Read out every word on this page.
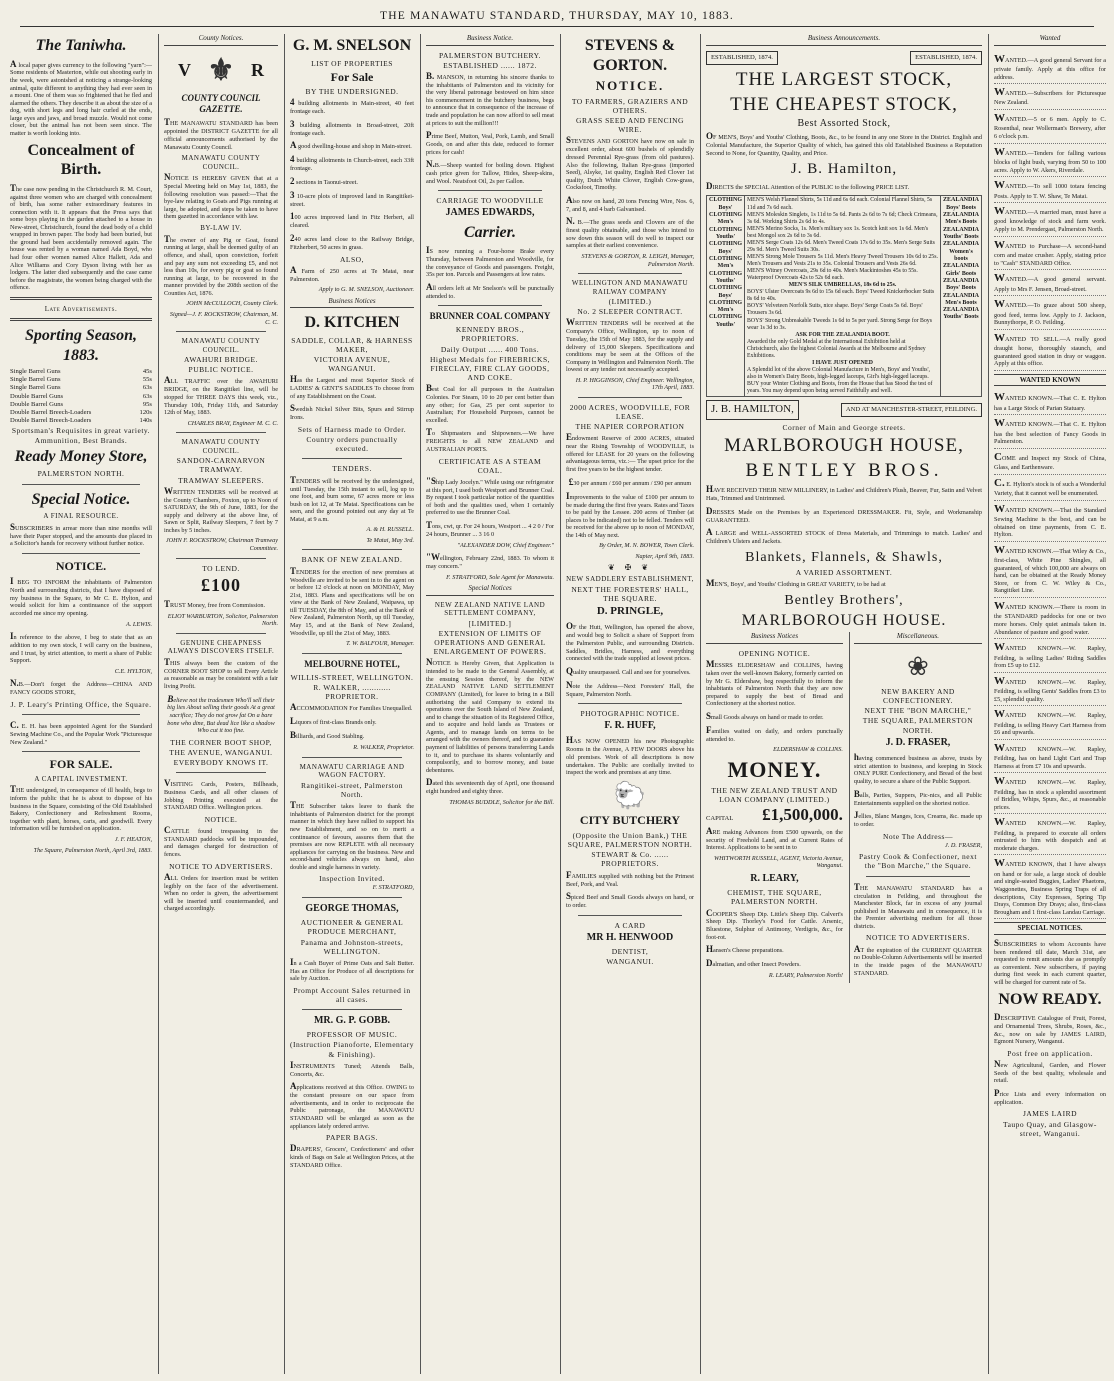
THE MANAWATU STANDARD, THURSDAY, MAY 10, 1883.
The Taniwha.

A local paper gives currency to the following "yarn":—Some residents of Masterton, while out shooting early in the week, were astonished at noticing a strange-looking animal, quite different to anything they had ever seen in a mount. One of them was so frightened that he fled and alarmed the others. They describe it as about the size of a dog, with short legs and long hair curled at the ends, large eyes and jaws, and broad muzzle. Would not come closer, but the animal has not been seen since. The matter is worth looking into.

Concealment of Birth.

The case now pending in the Christchurch R. M. Court, against three women who are charged with concealment of birth, has some rather extraordinary features in connection with it. It appears that the Press says that some boys playing in the garden attached to a house in New-street, Christchurch, found the dead body of a child wrapped in brown paper. The body had been buried, but the ground had been accidentally removed again. The house was rented by a woman named Ada Boyd, who had four other women named Alice Hallett, Ada and Alice Williams and Cory Dyson living with her as lodgers. The latter died subsequently and the case came before the magistrate, the women being charged with the offence.

Late Advertisements.
Sporting Season, 1883.
Single Barrel Guns	45s
Single Barrel Guns	55s
Single Barrel Guns	63s
Double Barrel Guns	63s
Double Barrel Guns	95s
Double Barrel Breech-Loaders	120s
Double Barrel Breech-Loaders	140s
Sportsman's Requisites in great variety.
Ammunition, Best Brands.
Ready Money Store,
PALMERSTON NORTH.
Special Notice.
A FINAL RESOURCE.

SUBSCRIBERS in arrear more than nine months will have their Paper stopped, and the amounts due placed in a Solicitor's hands for recovery without further notice.

NOTICE.

I BEG TO INFORM the inhabitants of Palmerston North and surrounding districts, that I have disposed of my business in the Square, to Mr C. E. Hylton, and would solicit for him a continuance of the support accorded me since my opening.

A. LEWIS.

In reference to the above, I beg to state that as an addition to my own stock, I will carry on the business, and I trust, by strict attention, to merit a share of Public Support.

C.E. HYLTON,

N.B.—Don't forget the Address—CHINA AND FANCY GOODS STORE,

J. P. Leary's Printing Office, the Square.

C. E. H. has been appointed Agent for the Standard Sewing Machine Co., and the Popular Work "Picturesque New Zealand."

FOR SALE.
A CAPITAL INVESTMENT.

THE undersigned, in consequence of ill health, begs to inform the public that he is about to dispose of his business in the Square, consisting of the Old Established Bakery, Confectionery and Refreshment Rooms, together with plant, horses, carts, and goodwill. Every information will be furnished on application.

J. F. HEATON,
The Square, Palmerston North, April 3rd, 1883.
County Notices.
V ⚜ R
COUNTY COUNCIL GAZETTE.

THE MANAWATU STANDARD has been appointed the DISTRICT GAZETTE for all official announcements authorised by the Manawatu County Council.

MANAWATU COUNTY COUNCIL.

NOTICE IS HEREBY GIVEN that at a Special Meeting held on May 1st, 1883, the following resolution was passed:—That the bye-law relating to Goats and Pigs running at large, be adopted, and steps be taken to have them gazetted in accordance with law.

BY-LAW IV.

The owner of any Pig or Goat, found running at large, shall be deemed guilty of an offence, and shall, upon conviction, forfeit and pay any sum not exceeding £5, and not less than 10s, for every pig or goat so found running at large, to be recovered in the manner provided by the 208th section of the Counties Act, 1876.

JOHN McCULLOCH, County Clerk.
Signed—J. F. ROCKSTROW, Chairman, M. C. C.
MANAWATU COUNTY COUNCIL.
AWAHURI BRIDGE.
PUBLIC NOTICE.

ALL TRAFFIC over the AWAHURI BRIDGE, on the Rangitikei line, will be stopped for THREE DAYS this week, viz., Thursday 10th, Friday 11th, and Saturday 12th of May, 1883.

CHARLES BRAY, Engineer M. C. C.
MANAWATU COUNTY COUNCIL.
SANDON-CARNARVON TRAMWAY.
TRAMWAY SLEEPERS.

WRITTEN TENDERS will be received at the County Chambers, Foxton, up to Noon of SATURDAY, the 9th of June, 1883, for the supply and delivery at the above line, of Sawn or Split, Railway Sleepers, 7 feet by 7 inches by 5 inches.

JOHN F. ROCKSTROW, Chairman Tramway Committee.
TO LEND.
£100

TRUST Money, free from Commission.

ELIOT WARBURTON, Solicitor, Palmerston North.
GENUINE CHEAPNESS ALWAYS DISCOVERS ITSELF.

THIS always been the custom of the CORNER BOOT SHOP to sell Every Article as reasonable as may be consistent with a fair living Profit.

Believe not the tradesmen Who'll sell their big lies About selling their goods At a great sacrifice; They do not grow fat On a bare bone who dine, But dead lice like a shadow Who cut it too fine.

THE CORNER BOOT SHOP,
THE AVENUE, WANGANUI.
EVERYBODY KNOWS IT.

VISITING Cards, Posters, Billheads, Business Cards, and all other classes of Jobbing Printing executed at the STANDARD Office. Wellington prices.

NOTICE.

CATTLE found trespassing in the STANDARD paddocks will be impounded, and damages charged for destruction of fences.

NOTICE TO ADVERTISERS.

ALL Orders for insertion must be written legibly on the face of the advertisement. When no order is given, the advertisement will be inserted until countermanded, and charged accordingly.

G. M. SNELSON
LIST OF PROPERTIES
For Sale
BY THE UNDERSIGNED.

4 building allotments in Main-street, 40 feet frontage each.

3 building allotments in Broad-street, 20ft frontage each.

A good dwelling-house and shop in Main-street.

4 building allotments in Church-street, each 33ft frontage.

2 sections in Taonui-street.

3 10-acre plots of improved land in Rangitikei-street.

100 acres improved land in Fitz Herbert, all cleared.

240 acres land close to the Railway Bridge, Fitzherbert, 50 acres in grass.

ALSO,

A Farm of 250 acres at Te Matai, near Palmerston.

Apply to G. M. SNELSON, Auctioneer.
Business Notices
D. KITCHEN
SADDLE, COLLAR, & HARNESS MAKER,
VICTORIA AVENUE, WANGANUI.

Has the Largest and most Superior Stock of LADIES' & GENT'S SADDLES To choose from of any Establishment on the Coast.

Swedish Nickel Silver Bits, Spurs and Stirrup Irons.

Sets of Harness made to Order.
Country orders punctually executed.
TENDERS.

TENDERS will be received by the undersigned, until Tuesday, the 15th instant to sell, log up to one foot, and burn some, 67 acres more or less bush on lot 12, at Te Matai. Specifications can be seen, and the ground pointed out any day at Te Matai, at 9 a.m.

A. & H. RUSSELL.
Te Matai, May 3rd.
BANK OF NEW ZEALAND.

TENDERS for the erection of new premises at Woodville are invited to be sent in to the agent on or before 12 o'clock at noon on MONDAY, May 21st, 1883. Plans and specifications will be on view at the Bank of New Zealand, Waipawa, up till TUESDAY, the 8th of May, and at the Bank of New Zealand, Palmerston North, up till Tuesday, May 15, and at the Bank of New Zealand, Woodville, up till the 21st of May, 1883.

T. W. BALFOUR, Manager.
MELBOURNE HOTEL,
WILLIS-STREET, WELLINGTON.
R. WALKER, ............ PROPRIETOR.

ACCOMMODATION For Families Unequalled.

Liquors of first-class Brands only.

Billiards, and Good Stabling.

R. WALKER, Proprietor.
MANAWATU CARRIAGE AND WAGON FACTORY.
Rangitikei-street, Palmerston North.

THE Subscriber takes leave to thank the inhabitants of Palmerston district for the prompt manner in which they have rallied to support his new Establishment, and so on to merit a continuance of favours, assures them that the premises are now REPLETE with all necessary appliances for carrying on the business. New and second-hand vehicles always on hand, also double and single harness in variety.

Inspection Invited.
F. STRATFORD,
GEORGE THOMAS,
AUCTIONEER & GENERAL PRODUCE MERCHANT,
Panama and Johnston-streets, WELLINGTON.

In a Cash Buyer of Prime Oats and Salt Butter. Has an Office for Produce of all descriptions for sale by Auction.

Prompt Account Sales returned in all cases.
MR. G. P. GOBB.
PROFESSOR OF MUSIC.
(Instruction Pianoforte, Elementary & Finishing).

INSTRUMENTS Tuned; Attends Balls, Concerts, &c.

Applications received at this Office. OWING to the constant pressure on our space from advertisements, and in order to reciprocate the Public patronage, the MANAWATU STANDARD will be enlarged as soon as the appliances lately ordered arrive.

PAPER BAGS.

DRAPERS', Grocers', Confectioners' and other kinds of Bags on Sale at Wellington Prices, at the STANDARD Office.

Business Notice.
PALMERSTON BUTCHERY.
ESTABLISHED ...... 1872.

B. MANSON, in returning his sincere thanks to the inhabitants of Palmerston and its vicinity for the very liberal patronage bestowed on him since his commencement in the butchery business, begs to announce that in consequence of the increase of trade and population he can now afford to sell meat at prices to suit the million!!!

Prime Beef, Mutton, Veal, Pork, Lamb, and Small Goods, on and after this date, reduced to former prices for cash!

N.B.—Sheep wanted for boiling down. Highest cash price given for Tallow, Hides, Sheep-skins, and Wool. Neatsfoot Oil, 2s per Gallon.

CARRIAGE TO WOODVILLE
JAMES EDWARDS,
Carrier.

IS now running a Four-horse Brake every Thursday, between Palmerston and Woodville, for the conveyance of Goods and passengers. Freight, 35s per ton. Parcels and Passengers at low rates.

All orders left at Mr Snelson's will be punctually attended to.

BRUNNER COAL COMPANY
KENNEDY BROS., PROPRIETORS.
Daily Output ...... 400 Tons.
Highest Medals for FIREBRICKS, FIRECLAY, FIRE CLAY GOODS, AND COKE.

Best Coal for all purposes in the Australian Colonies. For Steam, 10 to 20 per cent better than any other; for Gas, 25 per cent superior to Australian; For Household Purposes, cannot be excelled.

To Shipmasters and Shipowners.—We have FREIGHTS to all NEW ZEALAND and AUSTRALIAN PORTS.

CERTIFICATE AS A STEAM COAL.

"Ship Lady Jocelyn." While using our refrigerator at this port, I used both Westport and Brunner Coal. By request I took particular notice of the quantities of both and the qualities used, when I certainly preferred to use the Brunner Coal.

Tons, cwt, qr. For 24 hours, Westport ... 4 2 0 / For 24 hours, Brunner ... 3 16 0

"ALEXANDER DOW, Chief Engineer."

"Wellington, February 22nd, 1883. To whom it may concern."

F. STRATFORD, Sole Agent for Manawatu.
Special Notices
NEW ZEALAND NATIVE LAND SETTLEMENT COMPANY,
[LIMITED.]
EXTENSION OF LIMITS OF OPERATIONS AND GENERAL ENLARGEMENT OF POWERS.

NOTICE is Hereby Given, that Application is intended to be made to the General Assembly, at the ensuing Session thereof, by the NEW ZEALAND NATIVE LAND SETTLEMENT COMPANY (Limited), for leave to bring in a Bill authorising the said Company to extend its operations over the South Island of New Zealand, and to change the situation of its Registered Office, and to acquire and hold lands as Trustees or Agents, and to manage lands on terms to be arranged with the owners thereof, and to guarantee payment of liabilities of persons transferring Lands to it, and to purchase its shares voluntarily and compulsorily, and to borrow money, and issue debentures.

Dated this seventeenth day of April, one thousand eight hundred and eighty three.

THOMAS BUDDLE, Solicitor for the Bill.
STEVENS & GORTON.
NOTICE.
TO FARMERS, GRAZIERS AND OTHERS.
GRASS SEED AND FENCING WIRE.

STEVENS AND GORTON have now on sale in excellent order, about 600 bushels of splendidly dressed Perennial Rye-grass (from old pastures). Also the following, Italian Rye-grass (imported Seed), Alsyke, 1st quality, English Red Clover 1st quality, Dutch White Clover, English Cow-grass, Cocksfoot, Timothy.

Also now on hand, 20 tons Fencing Wire, Nos. 6, 7, and 8, and 4 barb Galvanised.

N. B.—The grass seeds and Clovers are of the finest quality obtainable, and those who intend to sow down this season will do well to inspect our samples at their earliest convenience.

STEVENS & GORTON, R. LEIGH, Manager, Palmerston North.
WELLINGTON AND MANAWATU RAILWAY COMPANY
(LIMITED.)
No. 2 SLEEPER CONTRACT.

WRITTEN TENDERS will be received at the Company's Office, Wellington, up to noon of Tuesday, the 15th of May 1883, for the supply and delivery of 15,000 Sleepers. Specifications and conditions may be seen at the Offices of the Company in Wellington and Palmerston North. The lowest or any tender not necessarily accepted.

H. P. HIGGINSON, Chief Engineer. Wellington, 17th April, 1883.
2000 ACRES, WOODVILLE, FOR LEASE.
THE NAPIER CORPORATION

Endowment Reserve of 2000 ACRES, situated near the Rising Township of WOODVILLE, is offered for LEASE for 20 years on the following advantageous terms, viz.:— The upset price for the first five years to be the highest tender.

£30 per annum / £60 per annum / £90 per annum

Improvements to the value of £100 per annum to be made during the first five years. Rates and Taxes to be paid by the Lessee. 200 acres of Timber (at places to be indicated) not to be felled. Tenders will be received for the above up to noon of MONDAY, the 14th of May next.

By Order, M. N. BOWER, Town Clerk.
Napier, April 9th, 1883.
❦ ✠ ❦
NEW SADDLERY ESTABLISHMENT,
NEXT THE FORESTERS' HALL, THE SQUARE.
D. PRINGLE,

OF the Hutt, Wellington, has opened the above, and would beg to Solicit a share of Support from the Palmerston Public, and surrounding Districts. Saddles, Bridles, Harness, and everything connected with the trade supplied at lowest prices.

Quality unsurpassed. Call and see for yourselves.

Note the Address—Next Foresters' Hall, the Square, Palmerston North.

PHOTOGRAPHIC NOTICE.
F. R. HUFF,

HAS NOW OPENED his new Photographic Rooms in the Avenue, A FEW DOORS above his old premises. Work of all descriptions is now undertaken. The Public are cordially invited to inspect the work and premises at any time.

🐑
CITY BUTCHERY
(Opposite the Union Bank,) THE SQUARE, PALMERSTON NORTH.
STEWART & Co. ...... PROPRIETORS.

FAMILIES supplied with nothing but the Primest Beef, Pork, and Veal.

Spiced Beef and Small Goods always on hand, or to order.

A CARD
MR H. HENWOOD
DENTIST,
WANGANUI.
Business Announcements.
ESTABLISHED, 1874.	ESTABLISHED, 1874.
THE LARGEST STOCK,
THE CHEAPEST STOCK,
Best Assorted Stock,

OF MEN'S, Boys' and Youths' Clothing, Boots, &c., to be found in any one Store in the District. English and Colonial Manufacture, the Superior Quality of which, has gained this old Established Business a Reputation Second to None, for Quantity, Quality, and Price.

J. B. Hamilton,

DIRECTS the SPECIAL Attention of the PUBLIC to the following PRICE LIST.

CLOTHING
Boys'
CLOTHING
Men's
CLOTHING
Youths'
CLOTHING
Boys'
CLOTHING
Men's
CLOTHING
Youths'
CLOTHING
Boys'
CLOTHING
Men's
CLOTHING
Youths'

MEN'S Welsh Flannel Shirts, 5s 11d and 6s 6d each. Colonial Flannel Shirts, 5s 11d and 7s 6d each.

MEN'S Moleskin Singlets, 1s 11d to 5s 6d. Pants 2s 6d to 7s 6d; Check Crimeans, 3s 6d. Working Shirts 2s 6d to 4s.

MEN'S Merino Socks, 1s. Men's military sox 1s. Scotch knit sox 1s 6d. Men's best Mongol sox 2s 6d to 3s 6d.

MEN'S Serge Coats 12s 6d. Men's Tweed Coats 17s 6d to 35s. Men's Serge Suits 29s 9d. Men's Tweed Suits 30s.

MEN'S Strong Mole Trousers 5s 11d. Men's Heavy Tweed Trousers 10s 6d to 25s. Men's Trousers and Vests 21s to 35s. Colonial Trousers and Vests 26s 6d.

MEN'S Witney Overcoats, 29s 6d to 40s. Men's Mackintoshes 45s to 55s. Waterproof Overcoats 42s to 52s 6d each.

MEN'S SILK UMBRELLAS, 18s 6d to 25s.

BOYS' Ulster Overcoats 9s 6d to 15s 6d each. Boys' Tweed Knickerbocker Suits 8s 6d to 40s.

BOYS' Velveteen Norfolk Suits, nice shape. Boys' Serge Coats 5s 6d. Boys' Trousers 3s 6d.

BOYS' Strong Unbreakable Tweeds 1s 6d to 5s per yard. Strong Serge for Boys wear 1s 3d to 3s.

ASK FOR THE ZEALANDIA BOOT.

Awarded the only Gold Medal at the International Exhibition held at Christchurch, also the highest Colonial Awards at the Melbourne and Sydney Exhibitions.

I HAVE JUST OPENED

A Splendid lot of the above Colonial Manufacture in Men's, Boys' and Youths', also in Women's Dairy Boots, high-legged laceups, Girl's high-legged laceups.

BUY your Winter Clothing and Boots, from the House that has Stood the test of years. You may depend upon being served Faithfully and well.

ZEALANDIA
Boys' Boots
ZEALANDIA
Men's Boots
ZEALANDIA
Youths' Boots
ZEALANDIA
Women's boots
ZEALANDIA
Girls' Boots
ZEALANDIA
Boys' Boots
ZEALANDIA
Men's Boots
ZEALANDIA
Youths' Boots
J. B. HAMILTON,	AND AT MANCHESTER-STREET, FEILDING.
Corner of Main and George streets.
MARLBOROUGH HOUSE,
BENTLEY BROS.

HAVE RECEIVED THEIR NEW MILLINERY, in Ladies' and Children's Plush, Beaver, Fur, Satin and Velvet Hats, Trimmed and Untrimmed.

DRESSES Made on the Premises by an Experienced DRESSMAKER. Fit, Style, and Workmanship GUARANTEED.

A LARGE and WELL-ASSORTED STOCK of Dress Materials, and Trimmings to match. Ladies' and Children's Ulsters and Jackets.

Blankets, Flannels, & Shawls,
A VARIED ASSORTMENT.

MEN'S, Boys', and Youths' Clothing in GREAT VARIETY, to be had at

Bentley Brothers',
MARLBOROUGH HOUSE.
Business Notices
OPENING NOTICE.

MESSRS ELDERSHAW and COLLINS, having taken over the well-known Bakery, formerly carried on by Mr G. Eldershaw, beg respectfully to inform the inhabitants of Palmerston North that they are now prepared to supply the best of Bread and Confectionery at the shortest notice.

Small Goods always on hand or made to order.

Families waited on daily, and orders punctually attended to.

ELDERSHAW & COLLINS.
MONEY.
THE NEW ZEALAND TRUST AND LOAN COMPANY (LIMITED.)
CAPITAL £1,500,000.

ARE making Advances from £500 upwards, on the security of Freehold Land, and at Current Rates of Interest. Applications to be sent in to

WHITWORTH RUSSELL, AGENT, Victoria Avenue, Wanganui.
R. LEARY,
CHEMIST, THE SQUARE, PALMERSTON NORTH.

COOPER'S Sheep Dip. Little's Sheep Dip. Calvert's Sheep Dip. Thorley's Food for Cattle. Arsenic, Bluestone, Sulphur of Antimony, Verdigris, &c., for foot-rot.

Hansen's Cheese preparations.

Dalmatian, and other Insect Powders.

R. LEARY, Palmerston North!
Miscellaneous.
❀
NEW BAKERY AND CONFECTIONERY.
NEXT THE "BON MARCHE,"
THE SQUARE, PALMERSTON NORTH.
J. D. FRASER,

having commenced business as above, trusts by strict attention to business, and keeping in Stock ONLY PURE Confectionery, and Bread of the best quality, to secure a share of the Public Support.

Balls, Parties, Suppers, Pic-nics, and all Public Entertainments supplied on the shortest notice.

Jellies, Blanc Manges, Ices, Creams, &c. made up to order.

Note The Address—
J. D. FRASER,
Pastry Cook & Confectioner, next the "Bon Marche," the Square.

THE MANAWATU STANDARD has a circulation in Feilding, and throughout the Manchester Block, far in excess of any journal published in Manawatu and in consequence, it is the Premier advertising medium for all those districts.

NOTICE TO ADVERTISERS.

AT the expiration of the CURRENT QUARTER no Double-Column Advertisements will be inserted in the inside pages of the MANAWATU STANDARD.

Wanted

WANTED.—A good general Servant for a private family. Apply at this office for address.

WANTED.—Subscribers for Picturesque New Zealand.

WANTED.—5 or 6 men. Apply to C. Rosenthal, near Wollerman's Brewery, after 6 o'clock p.m.

WANTED.—Tenders for falling various blocks of light bush, varying from 50 to 100 acres. Apply to W. Akers, Riverdale.

WANTED.—To sell 1000 totara fencing Posts. Apply to T. W. Shaw, Te Matai.

WANTED.—A married man, must have a good knowledge of stock and farm work. Apply to M. Prendergast, Palmerston North.

WANTED to Purchase—A second-hand corn and maize crusher. Apply, stating price to "Cash" STANDARD Office.

WANTED.—A good general servant. Apply to Mrs F. Jensen, Broad-street.

WANTED.—To graze about 500 sheep, good feed, terms low. Apply to J. Jackson, Bunnythorpe, P. O. Feilding.

WANTED TO SELL.—A really good draught horse, thoroughly staunch, and guaranteed good station in dray or waggon. Apply at this office.

WANTED KNOWN

WANTED KNOWN.—That C. E. Hylton has a Large Stock of Parian Statuary.

WANTED KNOWN.—That C. E. Hylton has the best selection of Fancy Goods in Palmerston.

COME and Inspect my Stock of China, Glass, and Earthenware.

C. E. Hylton's stock is of such a Wonderful Variety, that it cannot well be enumerated.

WANTED KNOWN.—That the Standard Sewing Machine is the best, and can be obtained on time payments, from C. E. Hylton.

WANTED KNOWN.—That Wiley & Co., first-class, White Pine Shingles, all guaranteed, of which 100,000 are always on hand, can be obtained at the Ready Money Store, or from C. W. Wiley & Co., Rangitikei Line.

WANTED KNOWN.—There is room in the STANDARD paddocks for one or two more horses. Only quiet animals taken in. Abundance of pasture and good water.

WANTED KNOWN.—W. Rapley, Feilding, is selling Ladies' Riding Saddles from £5 up to £12.

WANTED KNOWN.—W. Rapley, Feilding, is selling Gents' Saddles from £3 to £5, splendid quality.

WANTED KNOWN.—W. Rapley, Feilding, is selling Heavy Cart Harness from £6 and upwards.

WANTED KNOWN.—W. Rapley, Feilding, has on hand Light Cart and Trap Harness at from £7 10s and upwards.

WANTED KNOWN.—W. Rapley, Feilding, has in stock a splendid assortment of Bridles, Whips, Spurs, &c., at reasonable prices.

WANTED KNOWN.—W. Rapley, Feilding, is prepared to execute all orders entrusted to him with despatch and at moderate charges.

WANTED KNOWN, that I have always on hand or for sale, a large stock of double and single-seated Buggies, Ladies' Phaetons, Waggonettes, Business Spring Traps of all descriptions, City Expresses, Spring Tip Drays, Common Dry Drays; also, first-class Brougham and 1 first-class Landau Carriage.

SPECIAL NOTICES.

SUBSCRIBERS to whom Accounts have been rendered till date, March 31st, are requested to remit amounts due as promptly as convenient. New subscribers, if paying during first week in each current quarter, will be charged for current rate of 5s.

NOW READY.

DESCRIPTIVE Catalogue of Fruit, Forest, and Ornamental Trees, Shrubs, Roses, &c., &c., now on sale by JAMES LAIRD, Egmont Nursery, Wanganui.

Post free on application.

New Agricultural, Garden, and Flower Seeds of the best quality, wholesale and retail.

Price Lists and every information on application.

JAMES LAIRD
Taupo Quay, and Glasgow-street, Wanganui.
